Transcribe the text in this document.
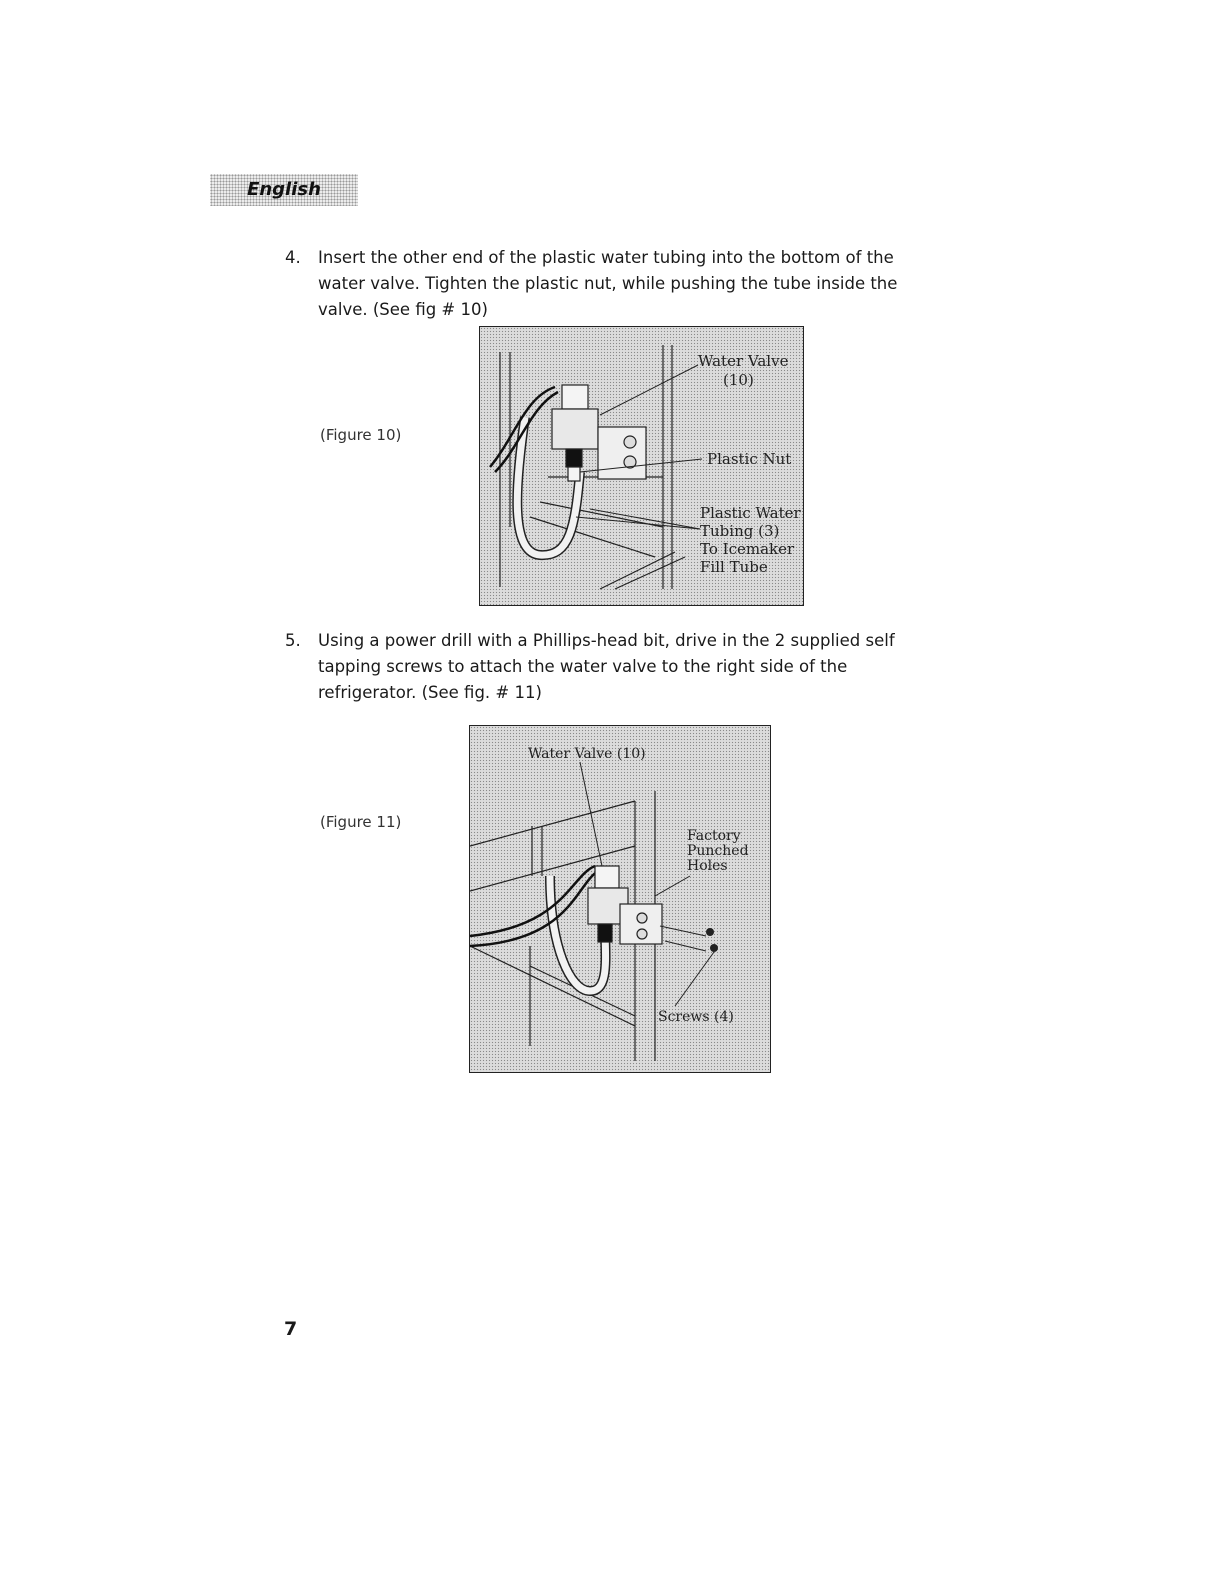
English
4. Insert the other end of the plastic water tubing into the bottom of the
water valve. Tighten the plastic nut, while pushing the tube inside the
valve. (See fig # 10)
(Figure 10)
Water Valve
(10)
Plastic Nut
Plastic Water
Tubing (3)
To Icemaker
Fill Tube
5. Using a power drill with a Phillips-head bit, drive in the 2 supplied self
tapping screws to attach the water valve to the right side of the
refrigerator. (See fig. # 11)
(Figure 11)
Water Valve (10)
Factory
Punched
Holes
Screws (4)
7
